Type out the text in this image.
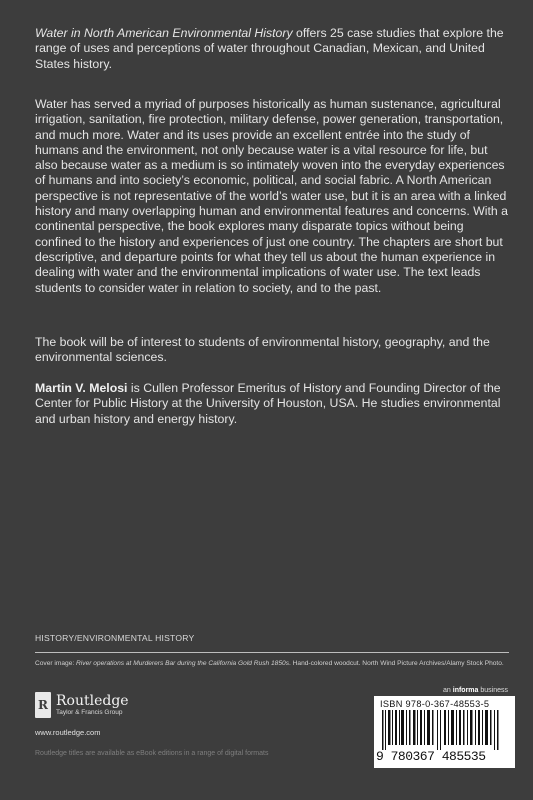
Water in North American Environmental History offers 25 case studies that explore the range of uses and perceptions of water throughout Canadian, Mexican, and United States history.
Water has served a myriad of purposes historically as human sustenance, agricultural irrigation, sanitation, fire protection, military defense, power generation, transportation, and much more. Water and its uses provide an excellent entrée into the study of humans and the environment, not only because water is a vital resource for life, but also because water as a medium is so intimately woven into the everyday experiences of humans and into society’s economic, political, and social fabric. A North American perspective is not representative of the world’s water use, but it is an area with a linked history and many overlapping human and environmental features and concerns. With a continental perspective, the book explores many disparate topics without being confined to the history and experiences of just one country. The chapters are short but descriptive, and departure points for what they tell us about the human experience in dealing with water and the environmental implications of water use. The text leads students to consider water in relation to society, and to the past.
The book will be of interest to students of environmental history, geography, and the environmental sciences.
Martin V. Melosi is Cullen Professor Emeritus of History and Founding Director of the Center for Public History at the University of Houston, USA. He studies environmental and urban history and energy history.
HISTORY/ENVIRONMENTAL HISTORY
Cover image: River operations at Murderers Bar during the California Gold Rush 1850s. Hand-colored woodcut. North Wind Picture Archives/Alamy Stock Photo.
an informa business
R Routledge
Taylor & Francis Group
www.routledge.com
Routledge titles are available as eBook editions in a range of digital formats
ISBN 978-0-367-48553-5
9 780367 485535
